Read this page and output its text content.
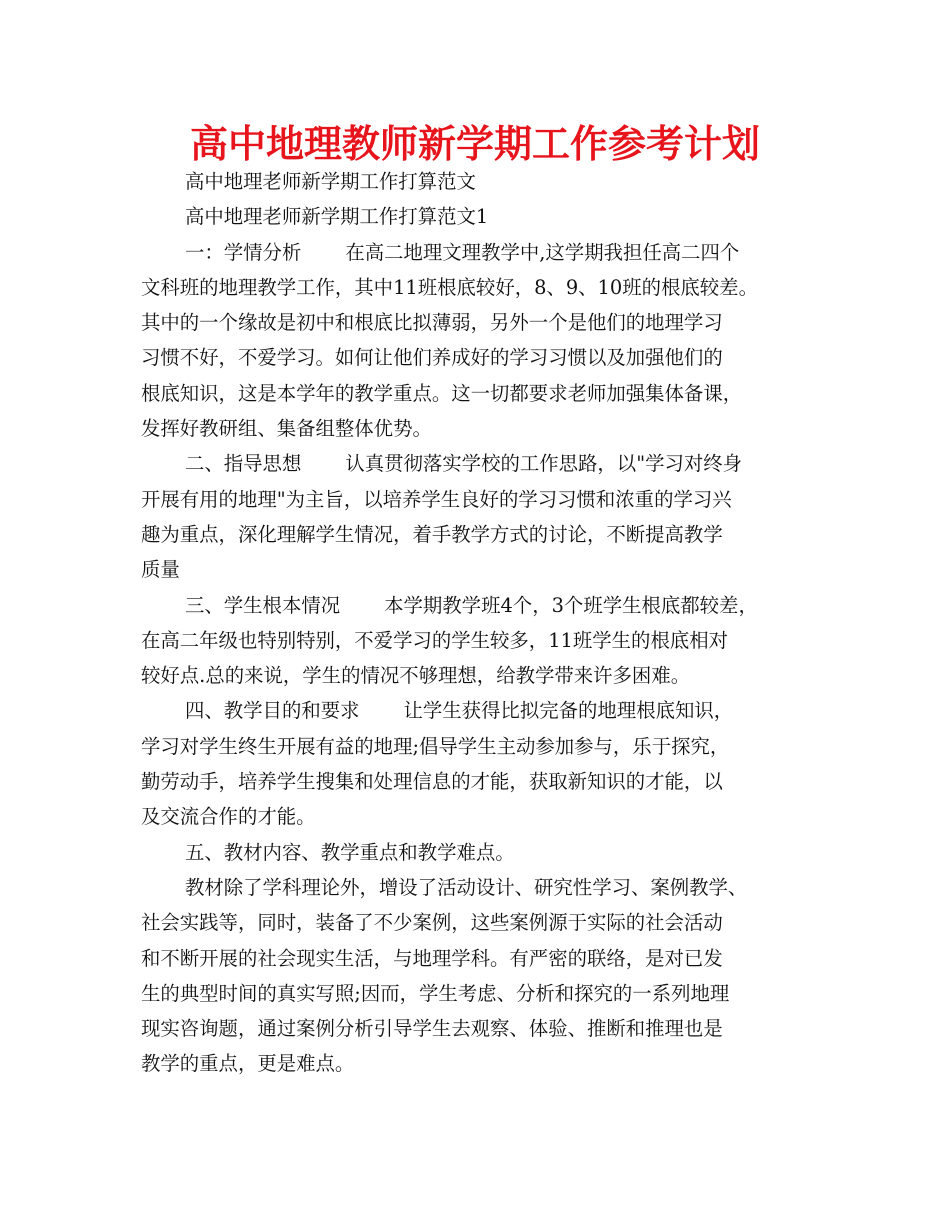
高中地理教师新学期工作参考计划
高中地理老师新学期工作打算范文
高中地理老师新学期工作打算范文1
一：学情分析 在高二地理文理教学中,这学期我担任高二四个
文科班的地理教学工作，其中11班根底较好，8、9、10班的根底较差。
其中的一个缘故是初中和根底比拟薄弱，另外一个是他们的地理学习
习惯不好，不爱学习。如何让他们养成好的学习习惯以及加强他们的
根底知识，这是本学年的教学重点。这一切都要求老师加强集体备课，
发挥好教研组、集备组整体优势。
二、指导思想 认真贯彻落实学校的工作思路，以"学习对终身
开展有用的地理"为主旨，以培养学生良好的学习习惯和浓重的学习兴
趣为重点，深化理解学生情况，着手教学方式的讨论，不断提高教学
质量
三、学生根本情况 本学期教学班4个，3个班学生根底都较差，
在高二年级也特别特别，不爱学习的学生较多，11班学生的根底相对
较好点.总的来说，学生的情况不够理想，给教学带来许多困难。
四、教学目的和要求 让学生获得比拟完备的地理根底知识，
学习对学生终生开展有益的地理;倡导学生主动参加参与，乐于探究，
勤劳动手，培养学生搜集和处理信息的才能，获取新知识的才能，以
及交流合作的才能。
五、教材内容、教学重点和教学难点。
教材除了学科理论外，增设了活动设计、研究性学习、案例教学、
社会实践等，同时，装备了不少案例，这些案例源于实际的社会活动
和不断开展的社会现实生活，与地理学科。有严密的联络，是对已发
生的典型时间的真实写照;因而，学生考虑、分析和探究的一系列地理
现实咨询题，通过案例分析引导学生去观察、体验、推断和推理也是
教学的重点，更是难点。
